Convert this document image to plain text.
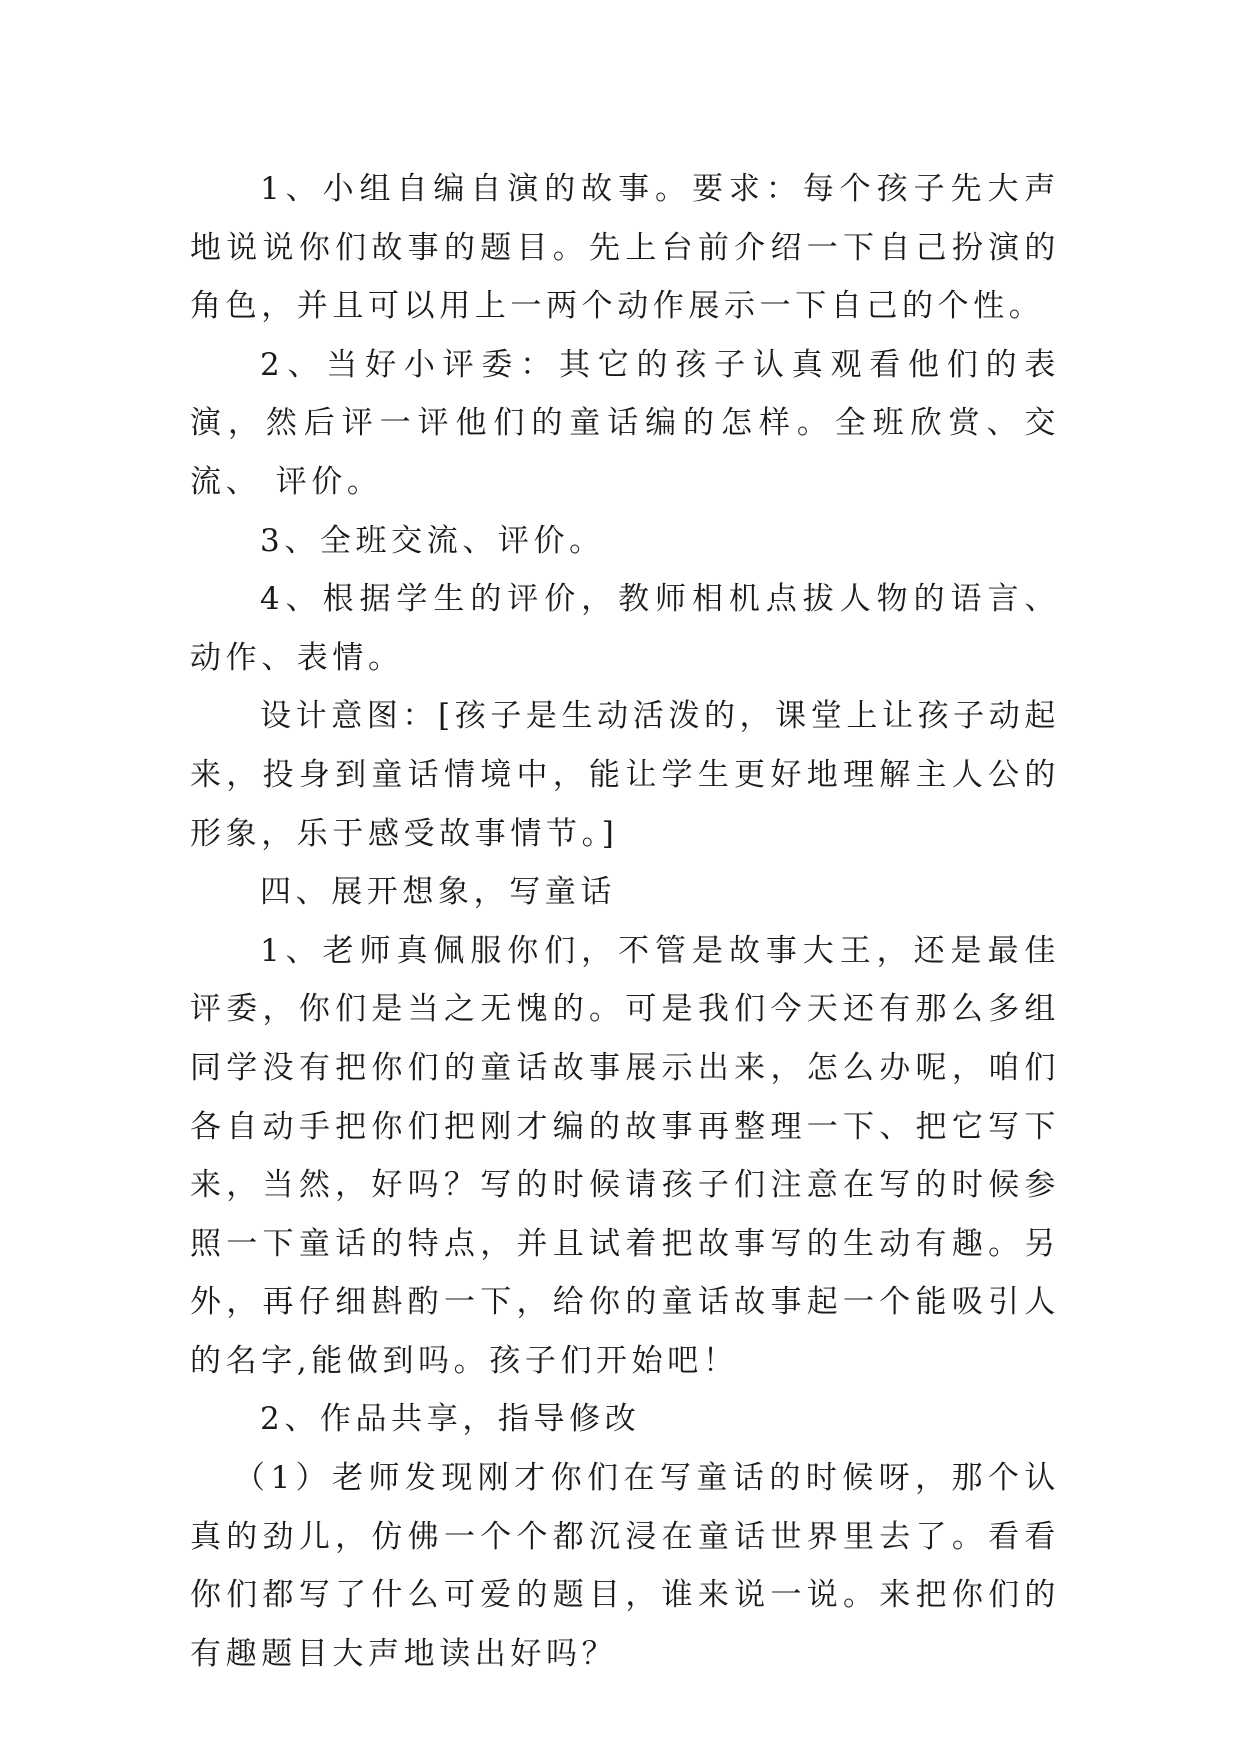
1、小组自编自演的故事。要求：每个孩子先大声地说说你们故事的题目。先上台前介绍一下自己扮演的角色，并且可以用上一两个动作展示一下自己的个性。

2、当好小评委：其它的孩子认真观看他们的表演，然后评一评他们的童话编的怎样。全班欣赏、交流、 评价。

3、全班交流、评价。

4、根据学生的评价，教师相机点拔人物的语言、动作、表情。

设计意图：[孩子是生动活泼的，课堂上让孩子动起来，投身到童话情境中，能让学生更好地理解主人公的形象，乐于感受故事情节。]

四、展开想象，写童话

1、老师真佩服你们，不管是故事大王，还是最佳评委，你们是当之无愧的。可是我们今天还有那么多组同学没有把你们的童话故事展示出来，怎么办呢，咱们各自动手把你们把刚才编的故事再整理一下、把它写下来，当然，好吗？写的时候请孩子们注意在写的时候参照一下童话的特点，并且试着把故事写的生动有趣。另外，再仔细斟酌一下，给你的童话故事起一个能吸引人的名字,能做到吗。孩子们开始吧！

2、作品共享，指导修改

（1）老师发现刚才你们在写童话的时候呀，那个认真的劲儿，仿佛一个个都沉浸在童话世界里去了。看看你们都写了什么可爱的题目，谁来说一说。来把你们的有趣题目大声地读出好吗？
